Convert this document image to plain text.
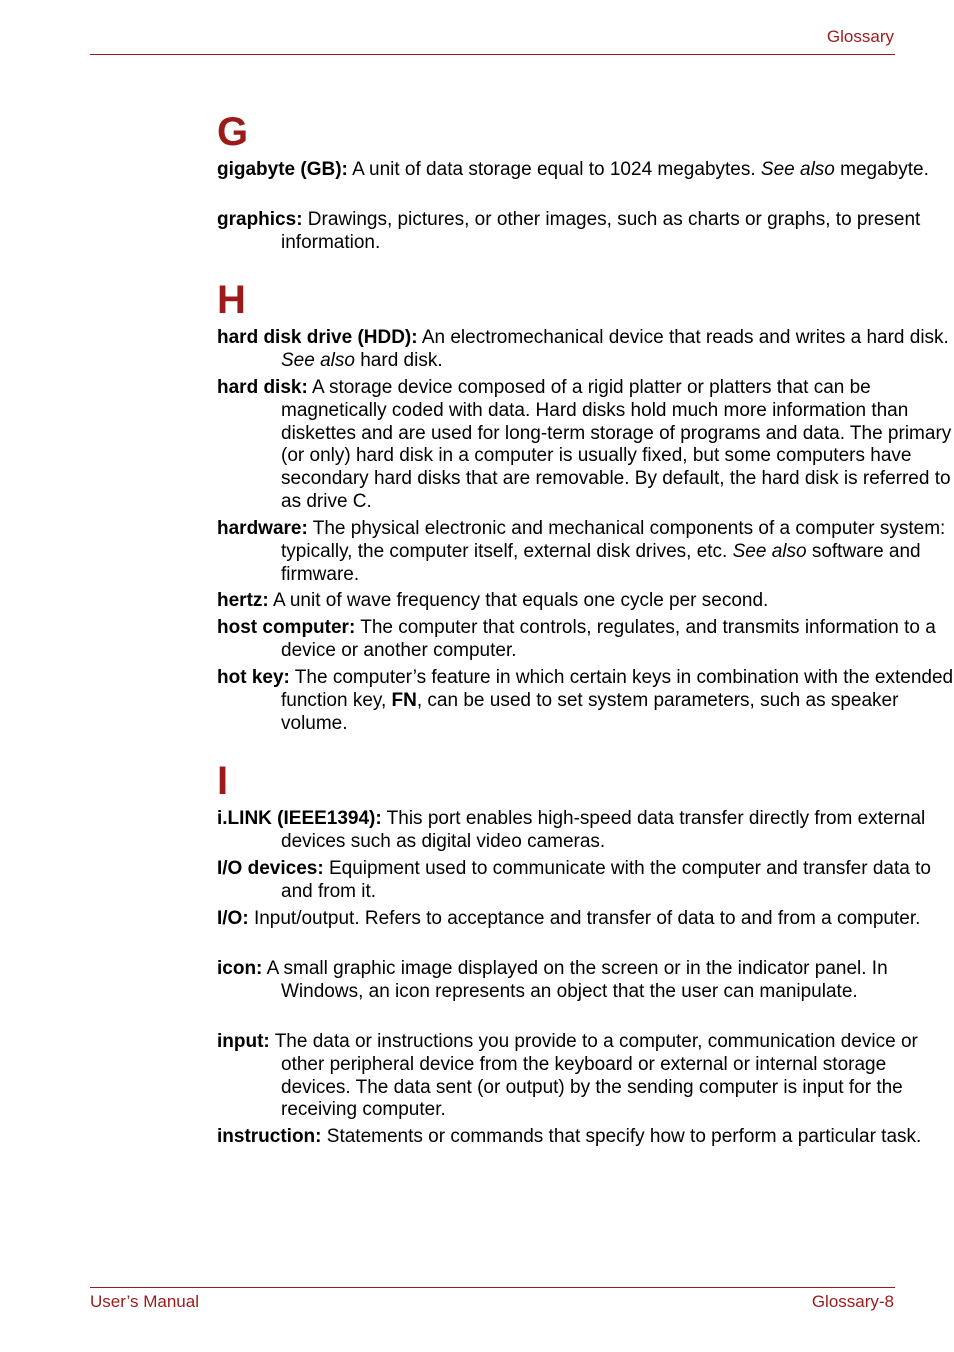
Glossary
G
gigabyte (GB): A unit of data storage equal to 1024 megabytes. See also megabyte.
graphics: Drawings, pictures, or other images, such as charts or graphs, to present information.
H
hard disk drive (HDD): An electromechanical device that reads and writes a hard disk. See also hard disk.
hard disk: A storage device composed of a rigid platter or platters that can be magnetically coded with data. Hard disks hold much more information than diskettes and are used for long-term storage of programs and data. The primary (or only) hard disk in a computer is usually fixed, but some computers have secondary hard disks that are removable. By default, the hard disk is referred to as drive C.
hardware: The physical electronic and mechanical components of a computer system: typically, the computer itself, external disk drives, etc. See also software and firmware.
hertz: A unit of wave frequency that equals one cycle per second.
host computer: The computer that controls, regulates, and transmits information to a device or another computer.
hot key: The computer’s feature in which certain keys in combination with the extended function key, FN, can be used to set system parameters, such as speaker volume.
I
i.LINK (IEEE1394): This port enables high-speed data transfer directly from external devices such as digital video cameras.
I/O devices: Equipment used to communicate with the computer and transfer data to and from it.
I/O: Input/output. Refers to acceptance and transfer of data to and from a computer.
icon: A small graphic image displayed on the screen or in the indicator panel. In Windows, an icon represents an object that the user can manipulate.
input: The data or instructions you provide to a computer, communication device or other peripheral device from the keyboard or external or internal storage devices. The data sent (or output) by the sending computer is input for the receiving computer.
instruction: Statements or commands that specify how to perform a particular task.
User’s Manual	Glossary-8
